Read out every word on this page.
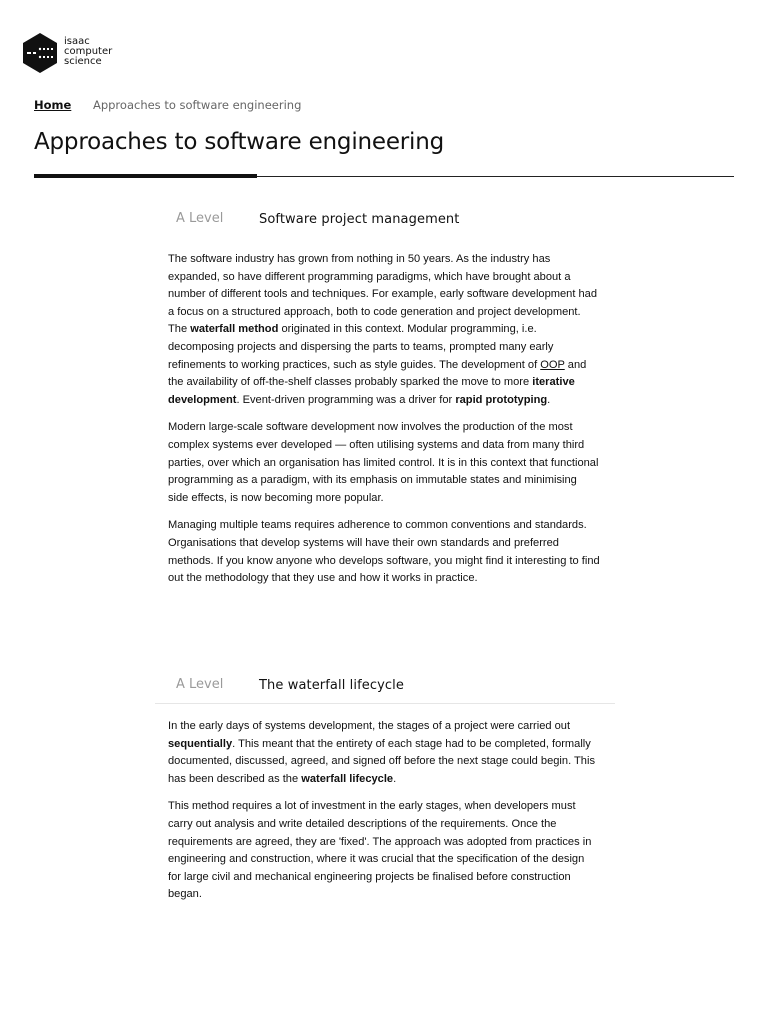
isaac
computer
science
Home Approaches to software engineering
Approaches to software engineering
A Level	Software project management

The software industry has grown from nothing in 50 years. As the industry has expanded, so have different programming paradigms, which have brought about a number of different tools and techniques. For example, early software development had a focus on a structured approach, both to code generation and project development. The waterfall method originated in this context. Modular programming, i.e. decomposing projects and dispersing the parts to teams, prompted many early refinements to working practices, such as style guides. The development of OOP and the availability of off-the-shelf classes probably sparked the move to more iterative development. Event-driven programming was a driver for rapid prototyping.

Modern large-scale software development now involves the production of the most complex systems ever developed — often utilising systems and data from many third parties, over which an organisation has limited control. It is in this context that functional programming as a paradigm, with its emphasis on immutable states and minimising side effects, is now becoming more popular.

Managing multiple teams requires adherence to common conventions and standards. Organisations that develop systems will have their own standards and preferred methods. If you know anyone who develops software, you might find it interesting to find out the methodology that they use and how it works in practice.

A Level	The waterfall lifecycle

In the early days of systems development, the stages of a project were carried out sequentially. This meant that the entirety of each stage had to be completed, formally documented, discussed, agreed, and signed off before the next stage could begin. This has been described as the waterfall lifecycle.

This method requires a lot of investment in the early stages, when developers must carry out analysis and write detailed descriptions of the requirements. Once the requirements are agreed, they are 'fixed'. The approach was adopted from practices in engineering and construction, where it was crucial that the specification of the design for large civil and mechanical engineering projects be finalised before construction began.
